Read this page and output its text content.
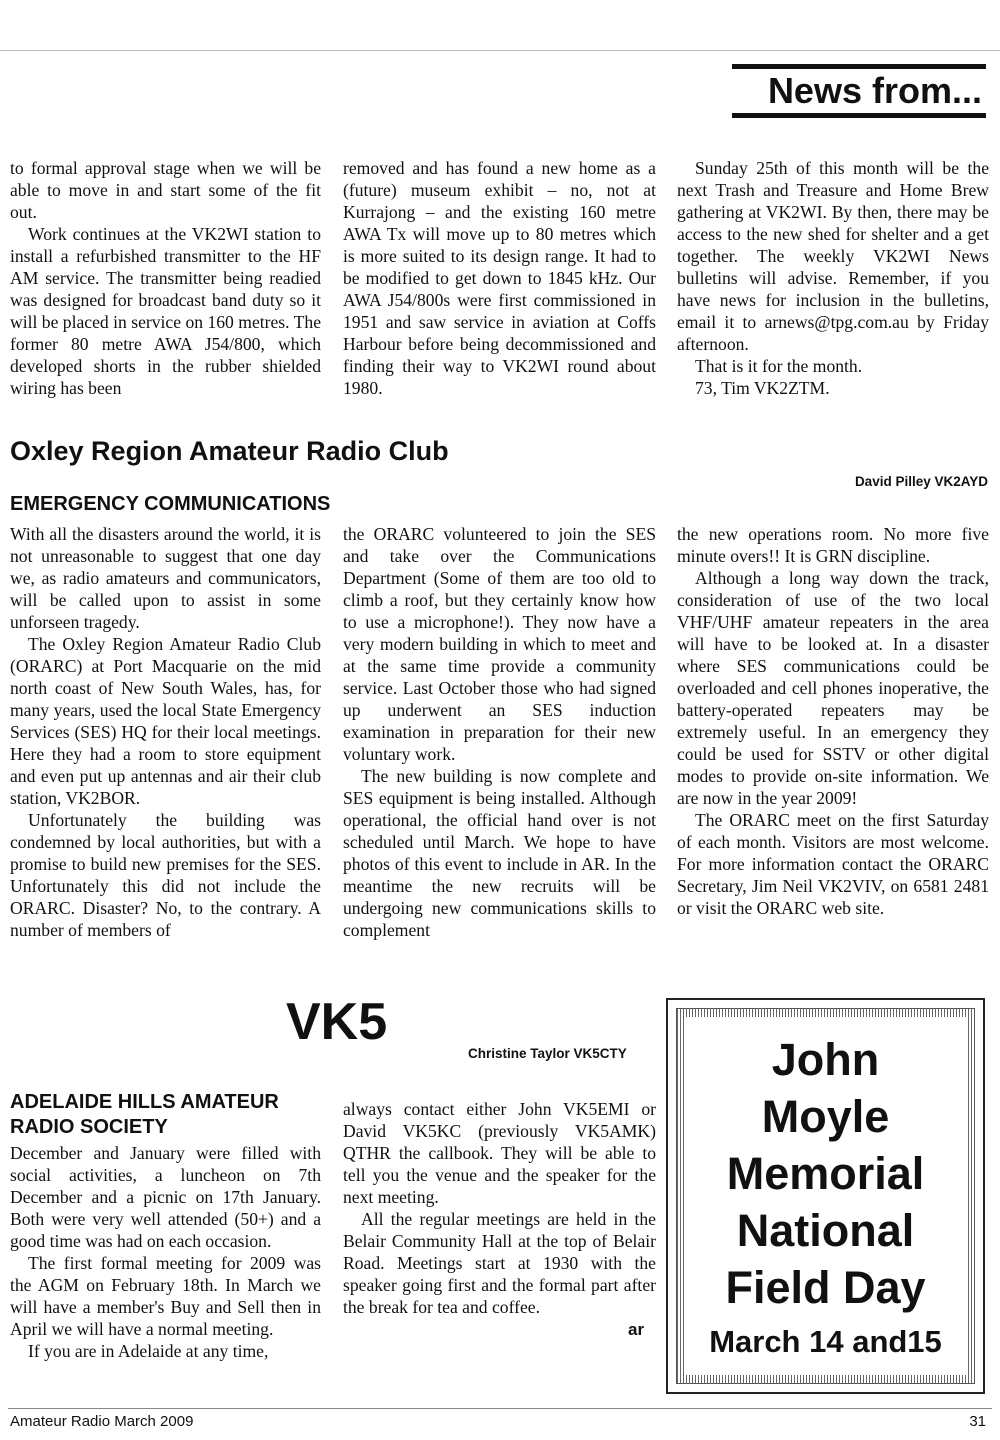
News from...

to formal approval stage when we will be able to move in and start some of the fit out.

Work continues at the VK2WI station to install a refurbished transmitter to the HF AM service. The transmitter being readied was designed for broadcast band duty so it will be placed in service on 160 metres. The former 80 metre AWA J54/800, which developed shorts in the rubber shielded wiring has been

removed and has found a new home as a (future) museum exhibit – no, not at Kurrajong – and the existing 160 metre AWA Tx will move up to 80 metres which is more suited to its design range. It had to be modified to get down to 1845 kHz. Our AWA J54/800s were first commissioned in 1951 and saw service in aviation at Coffs Harbour before being decommissioned and finding their way to VK2WI round about 1980.

Sunday 25th of this month will be the next Trash and Treasure and Home Brew gathering at VK2WI. By then, there may be access to the new shed for shelter and a get together. The weekly VK2WI News bulletins will advise. Remember, if you have news for inclusion in the bulletins, email it to arnews@tpg.com.au by Friday afternoon.

That is it for the month.

73, Tim VK2ZTM.

Oxley Region Amateur Radio Club
David Pilley VK2AYD
EMERGENCY COMMUNICATIONS

With all the disasters around the world, it is not unreasonable to suggest that one day we, as radio amateurs and communicators, will be called upon to assist in some unforseen tragedy.

The Oxley Region Amateur Radio Club (ORARC) at Port Macquarie on the mid north coast of New South Wales, has, for many years, used the local State Emergency Services (SES) HQ for their local meetings. Here they had a room to store equipment and even put up antennas and air their club station, VK2BOR.

Unfortunately the building was condemned by local authorities, but with a promise to build new premises for the SES. Unfortunately this did not include the ORARC. Disaster? No, to the contrary. A number of members of

the ORARC volunteered to join the SES and take over the Communications Department (Some of them are too old to climb a roof, but they certainly know how to use a microphone!). They now have a very modern building in which to meet and at the same time provide a community service. Last October those who had signed up underwent an SES induction examination in preparation for their new voluntary work.

The new building is now complete and SES equipment is being installed. Although operational, the official hand over is not scheduled until March. We hope to have photos of this event to include in AR. In the meantime the new recruits will be undergoing new communications skills to complement

the new operations room. No more five minute overs!! It is GRN discipline.

Although a long way down the track, consideration of use of the two local VHF/UHF amateur repeaters in the area will have to be looked at. In a disaster where SES communications could be overloaded and cell phones inoperative, the battery-operated repeaters may be extremely useful. In an emergency they could be used for SSTV or other digital modes to provide on-site information. We are now in the year 2009!

The ORARC meet on the first Saturday of each month. Visitors are most welcome. For more information contact the ORARC Secretary, Jim Neil VK2VIV, on 6581 2481 or visit the ORARC web site.

VK5
Christine Taylor VK5CTY
ADELAIDE HILLS AMATEUR RADIO SOCIETY

December and January were filled with social activities, a luncheon on 7th December and a picnic on 17th January. Both were very well attended (50+) and a good time was had on each occasion.

The first formal meeting for 2009 was the AGM on February 18th. In March we will have a member's Buy and Sell then in April we will have a normal meeting.

If you are in Adelaide at any time,

always contact either John VK5EMI or David VK5KC (previously VK5AMK) QTHR the callbook. They will be able to tell you the venue and the speaker for the next meeting.

All the regular meetings are held in the Belair Community Hall at the top of Belair Road. Meetings start at 1930 with the speaker going first and the formal part after the break for tea and coffee.

ar
John
Moyle
Memorial
National
Field Day
March 14 and15
Amateur Radio March 2009	31
